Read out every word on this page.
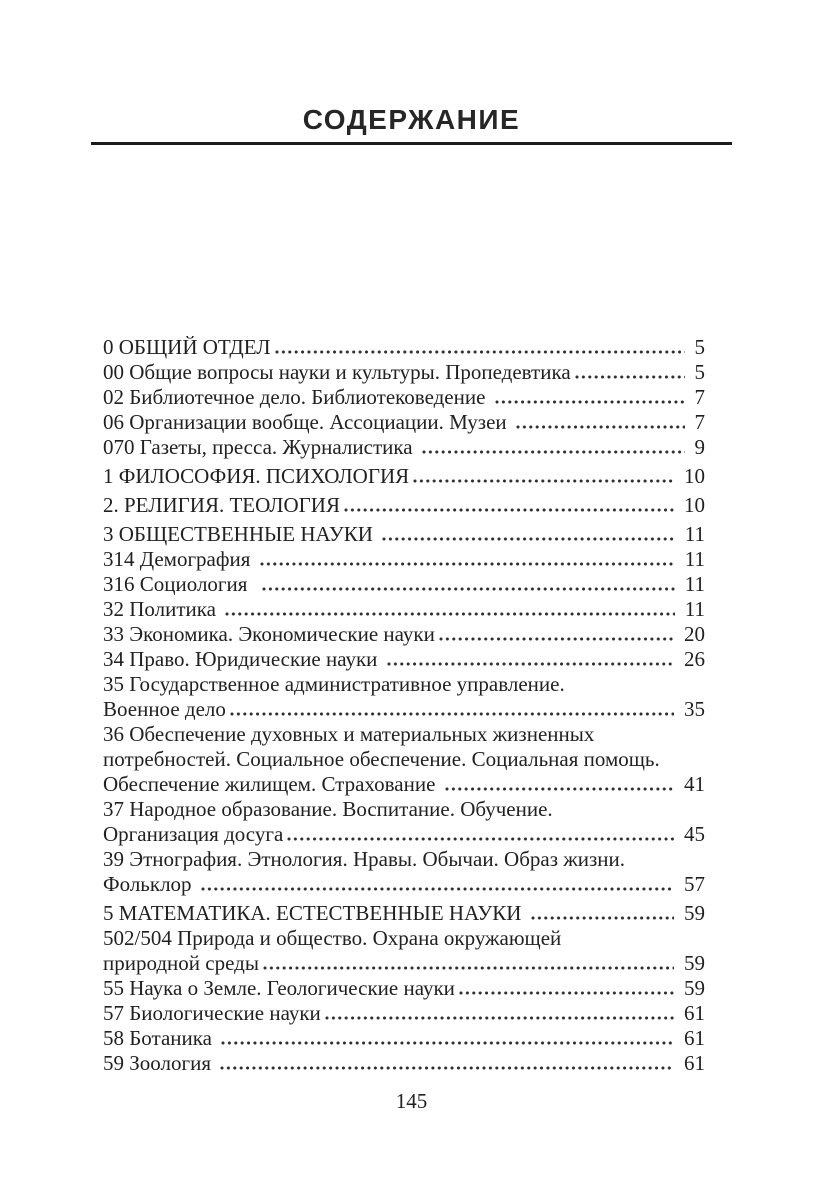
СОДЕРЖАНИЕ
0 ОБЩИЙ ОТДЕЛ	5
00 Общие вопросы науки и культуры. Пропедевтика	5
02 Библиотечное дело. Библиотековедение	7
06 Организации вообще. Ассоциации. Музеи	7
070 Газеты, пресса. Журналистика	9
1 ФИЛОСОФИЯ. ПСИХОЛОГИЯ	10
2. РЕЛИГИЯ. ТЕОЛОГИЯ	10
3 ОБЩЕСТВЕННЫЕ НАУКИ	11
314 Демография	11
316 Социология	11
32 Политика	11
33 Экономика. Экономические науки	20
34 Право. Юридические науки	26
35 Государственное административное управление.
Военное дело	35
36 Обеспечение духовных и материальных жизненных
потребностей. Социальное обеспечение. Социальная помощь.
Обеспечение жилищем. Страхование	41
37 Народное образование. Воспитание. Обучение.
Организация досуга	45
39 Этнография. Этнология. Нравы. Обычаи. Образ жизни.
Фольклор	57
5 МАТЕМАТИКА. ЕСТЕСТВЕННЫЕ НАУКИ	59
502/504 Природа и общество. Охрана окружающей
природной среды	59
55 Наука о Земле. Геологические науки	59
57 Биологические науки	61
58 Ботаника	61
59 Зоология	61
145
